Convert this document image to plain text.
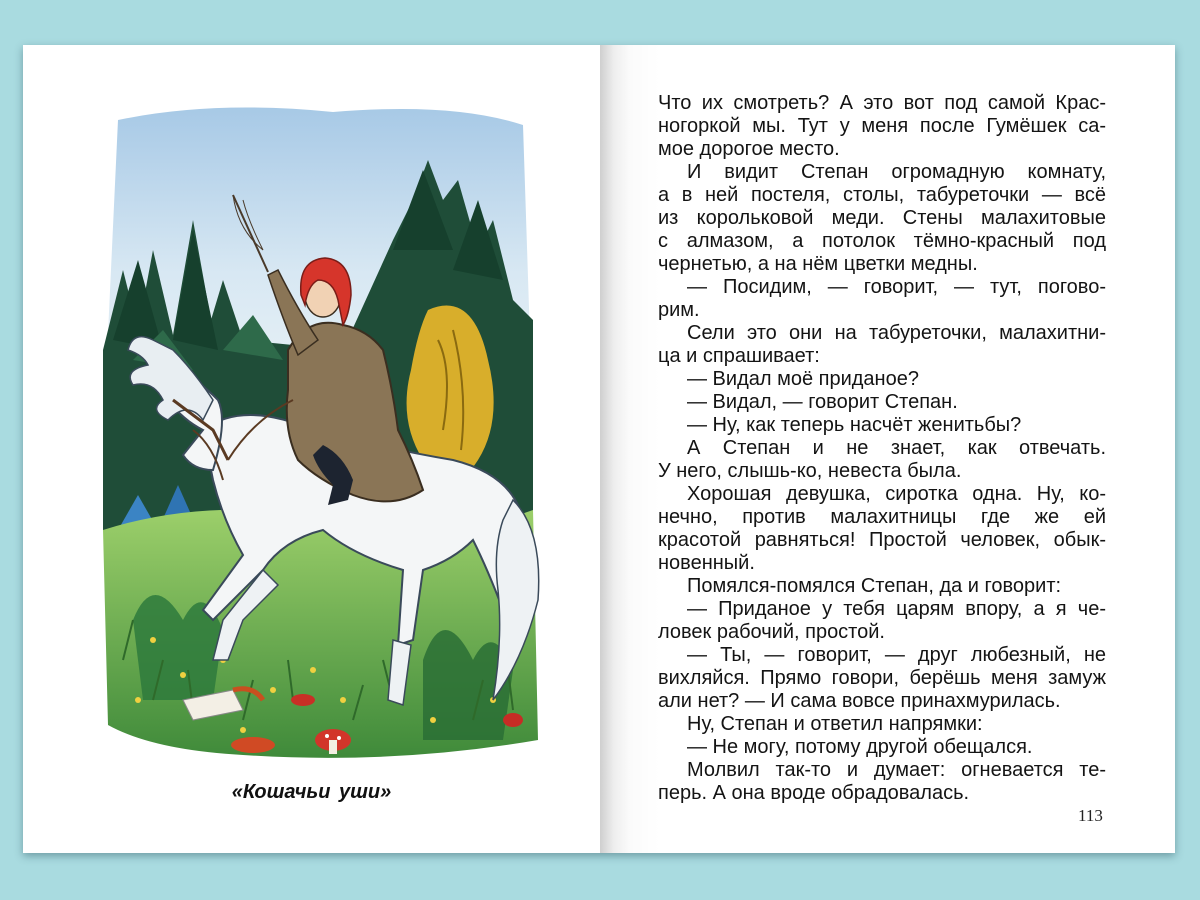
«Кошачьи уши»
Что их смотреть? А это вот под самой Крас-
ногоркой мы. Тут у меня после Гумёшек са-
мое дорогое место.
И видит Степан огромадную комнату,
а в ней постеля, столы, табуреточки — всё
из корольковой меди. Стены малахитовые
с алмазом, а потолок тёмно-красный под
чернетью, а на нём цветки медны.
— Посидим, — говорит, — тут, погово-
рим.
Сели это они на табуреточки, малахитни-
ца и спрашивает:
— Видал моё приданое?
— Видал, — говорит Степан.
— Ну, как теперь насчёт женитьбы?
А Степан и не знает, как отвечать.
У него, слышь-ко, невеста была.
Хорошая девушка, сиротка одна. Ну, ко-
нечно, против малахитницы где же ей
красотой равняться! Простой человек, обык-
новенный.
Помялся-помялся Степан, да и говорит:
— Приданое у тебя царям впору, а я че-
ловек рабочий, простой.
— Ты, — говорит, — друг любезный, не
вихляйся. Прямо говори, берёшь меня замуж
али нет? — И сама вовсе принахмурилась.
Ну, Степан и ответил напрямки:
— Не могу, потому другой обещался.
Молвил так-то и думает: огневается те-
перь. А она вроде обрадовалась.
113
